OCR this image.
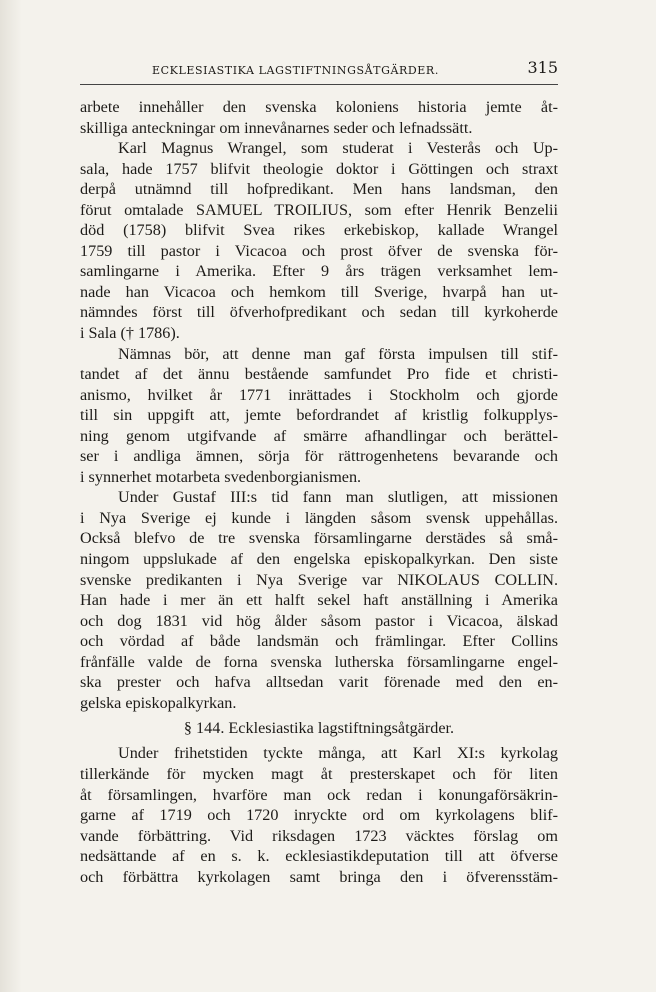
ECKLESIASTIKA LAGSTIFTNINGSÅTGÄRDER.	315
arbete innehåller den svenska koloniens historia jemte åt-
skilliga anteckningar om innevånarnes seder och lefnadssätt.
Karl Magnus Wrangel, som studerat i Vesterås och Up-
sala, hade 1757 blifvit theologie doktor i Göttingen och straxt
derpå utnämnd till hofpredikant. Men hans landsman, den
förut omtalade SAMUEL TROILIUS, som efter Henrik Benzelii
död (1758) blifvit Svea rikes erkebiskop, kallade Wrangel
1759 till pastor i Vicacoa och prost öfver de svenska för-
samlingarne i Amerika. Efter 9 års trägen verksamhet lem-
nade han Vicacoa och hemkom till Sverige, hvarpå han ut-
nämndes först till öfverhofpredikant och sedan till kyrkoherde
i Sala († 1786).
Nämnas bör, att denne man gaf första impulsen till stif-
tandet af det ännu bestående samfundet Pro fide et christi-
anismo, hvilket år 1771 inrättades i Stockholm och gjorde
till sin uppgift att, jemte befordrandet af kristlig folkupplys-
ning genom utgifvande af smärre afhandlingar och berättel-
ser i andliga ämnen, sörja för rättrogenhetens bevarande och
i synnerhet motarbeta svedenborgianismen.
Under Gustaf III:s tid fann man slutligen, att missionen
i Nya Sverige ej kunde i längden såsom svensk uppehållas.
Också blefvo de tre svenska församlingarne derstädes så små-
ningom uppslukade af den engelska episkopalkyrkan. Den siste
svenske predikanten i Nya Sverige var NIKOLAUS COLLIN.
Han hade i mer än ett halft sekel haft anställning i Amerika
och dog 1831 vid hög ålder såsom pastor i Vicacoa, älskad
och vördad af både landsmän och främlingar. Efter Collins
frånfälle valde de forna svenska lutherska församlingarne engel-
ska prester och hafva alltsedan varit förenade med den en-
gelska episkopalkyrkan.
§ 144. Ecklesiastika lagstiftningsåtgärder.
Under frihetstiden tyckte många, att Karl XI:s kyrkolag
tillerkände för mycken magt åt presterskapet och för liten
åt församlingen, hvarföre man ock redan i konungaförsäkrin-
garne af 1719 och 1720 inryckte ord om kyrkolagens blif-
vande förbättring. Vid riksdagen 1723 väcktes förslag om
nedsättande af en s. k. ecklesiastikdeputation till att öfverse
och förbättra kyrkolagen samt bringa den i öfverensstäm-
